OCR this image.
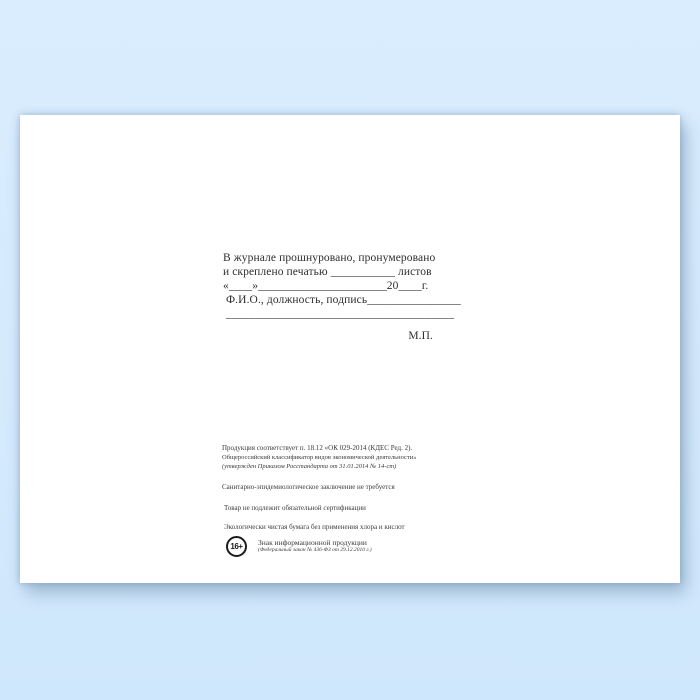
В журнале прошнуровано, пронумеровано
и скреплено печатью ___________ листов
«____»______________________20____г.
Ф.И.О., должность, подпись________________
_______________________________________
М.П.
Продукция соответствует п. 18.12 «ОК 029-2014 (КДЕС Ред. 2).
Общероссийский классификатор видов экономической деятельности»
(утвержден Приказом Росстандарта от 31.01.2014 № 14-ст)
Санитарно-эпидемиологическое заключение не требуется
Товар не подлежит обязательной сертификации
Экологически чистая бумага без применения хлора и кислот
16+	Знак информационной продукции
(Федеральный закон № 436-ФЗ от 29.12.2010 г.)
